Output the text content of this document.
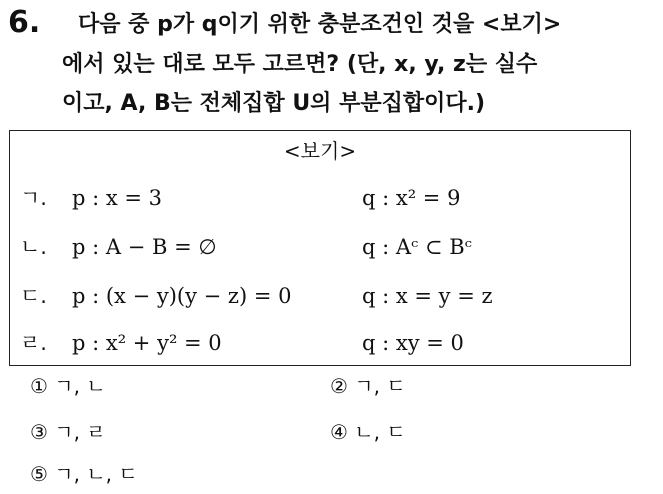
6. 다음 중 p가 q이기 위한 충분조건인 것을 <보기>
에서 있는 대로 모두 고르면? (단, x, y, z는 실수
이고, A, B는 전체집합 U의 부분집합이다.)
<보기>
ㄱ. p : x = 3	q : x² = 9
ㄴ. p : A − B = ∅	q : Aᶜ ⊂ Bᶜ
ㄷ. p : (x − y)(y − z) = 0	q : x = y = z
ㄹ. p : x² + y² = 0	q : xy = 0
① ㄱ, ㄴ	② ㄱ, ㄷ
③ ㄱ, ㄹ	④ ㄴ, ㄷ
⑤ ㄱ, ㄴ, ㄷ
